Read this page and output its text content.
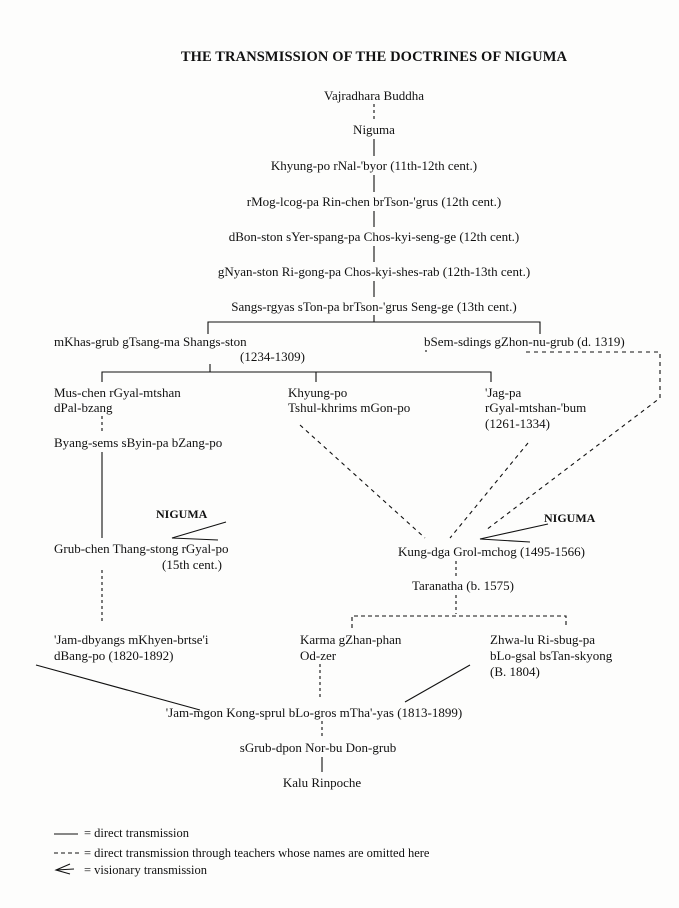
THE TRANSMISSION OF THE DOCTRINES OF NIGUMA
Vajradhara Buddha
Niguma
Khyung-po rNal-'byor (11th-12th cent.)
rMog-lcog-pa Rin-chen brTson-'grus (12th cent.)
dBon-ston sYer-spang-pa Chos-kyi-seng-ge (12th cent.)
gNyan-ston Ri-gong-pa Chos-kyi-shes-rab (12th-13th cent.)
Sangs-rgyas sTon-pa brTson-'grus Seng-ge (13th cent.)
mKhas-grub gTsang-ma Shangs-ston
(1234-1309)
bSem-sdings gZhon-nu-grub (d. 1319)
Mus-chen rGyal-mtshan
dPal-bzang
Khyung-po
Tshul-khrims mGon-po
'Jag-pa
rGyal-mtshan-'bum
(1261-1334)
Byang-sems sByin-pa bZang-po
NIGUMA	NIGUMA
Grub-chen Thang-stong rGyal-po
(15th cent.)
Kung-dga Grol-mchog (1495-1566)
Taranatha (b. 1575)
'Jam-dbyangs mKhyen-brtse'i
dBang-po (1820-1892)
Karma gZhan-phan
Od-zer
Zhwa-lu Ri-sbug-pa
bLo-gsal bsTan-skyong
(B. 1804)
'Jam-mgon Kong-sprul bLo-gros mTha'-yas (1813-1899)
sGrub-dpon Nor-bu Don-grub
Kalu Rinpoche
= direct transmission
= direct transmission through teachers whose names are omitted here
= visionary transmission
